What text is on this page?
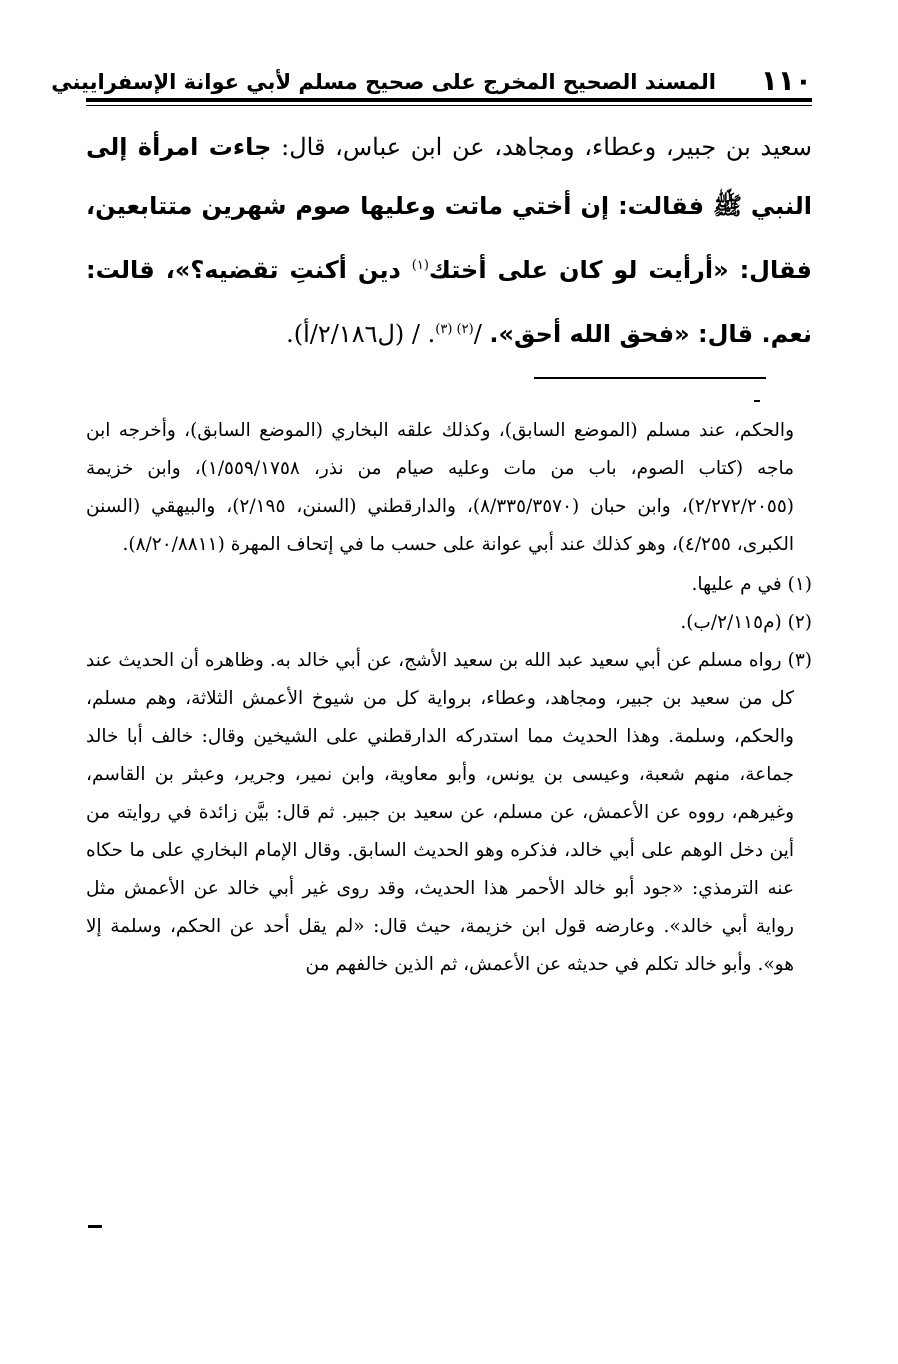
١١٠
المسند الصحيح المخرج على صحيح مسلم لأبي عوانة الإسفراييني
سعيد بن جبير، وعطاء، ومجاهد، عن ابن عباس، قال: جاءت امرأة إلى النبي ﷺ فقالت: إن أختي ماتت وعليها صوم شهرين متتابعين، فقال: «أرأيت لو كان على أختك$^{(١)}$ دين أكنتِ تقضيه؟»، قالت: نعم. قال: «فحق الله أحق». /$^{(٢)}$ $^{(٣)}$. / (ل٢/١٨٦/أ).

والحكم، عند مسلم (الموضع السابق)، وكذلك علقه البخاري (الموضع السابق)، وأخرجه ابن ماجه (كتاب الصوم، باب من مات وعليه صيام من نذر، ١/٥٥٩/١٧٥٨)، وابن خزيمة (٢/٢٧٢/٢٠٥٥)، وابن حبان (٨/٣٣٥/٣٥٧٠)، والدارقطني (السنن، ٢/١٩٥)، والبيهقي (السنن الكبرى، ٤/٢٥٥)، وهو كذلك عند أبي عوانة على حسب ما في إتحاف المهرة (٨/٢٠/٨٨١١).

(١) في م عليها.

(٢) (م٢/١١٥/ب).

(٣) رواه مسلم عن أبي سعيد عبد الله بن سعيد الأشج، عن أبي خالد به. وظاهره أن الحديث عند كل من سعيد بن جبير، ومجاهد، وعطاء، برواية كل من شيوخ الأعمش الثلاثة، وهم مسلم، والحكم، وسلمة. وهذا الحديث مما استدركه الدارقطني على الشيخين وقال: خالف أبا خالد جماعة، منهم شعبة، وعيسى بن يونس، وأبو معاوية، وابن نمير، وجرير، وعبثر بن القاسم، وغيرهم، رووه عن الأعمش، عن مسلم، عن سعيد بن جبير. ثم قال: بيَّن زائدة في روايته من أين دخل الوهم على أبي خالد، فذكره وهو الحديث السابق. وقال الإمام البخاري على ما حكاه عنه الترمذي: «جود أبو خالد الأحمر هذا الحديث، وقد روى غير أبي خالد عن الأعمش مثل رواية أبي خالد». وعارضه قول ابن خزيمة، حيث قال: «لم يقل أحد عن الحكم، وسلمة إلا هو». وأبو خالد تكلم في حديثه عن الأعمش، ثم الذين خالفهم من
